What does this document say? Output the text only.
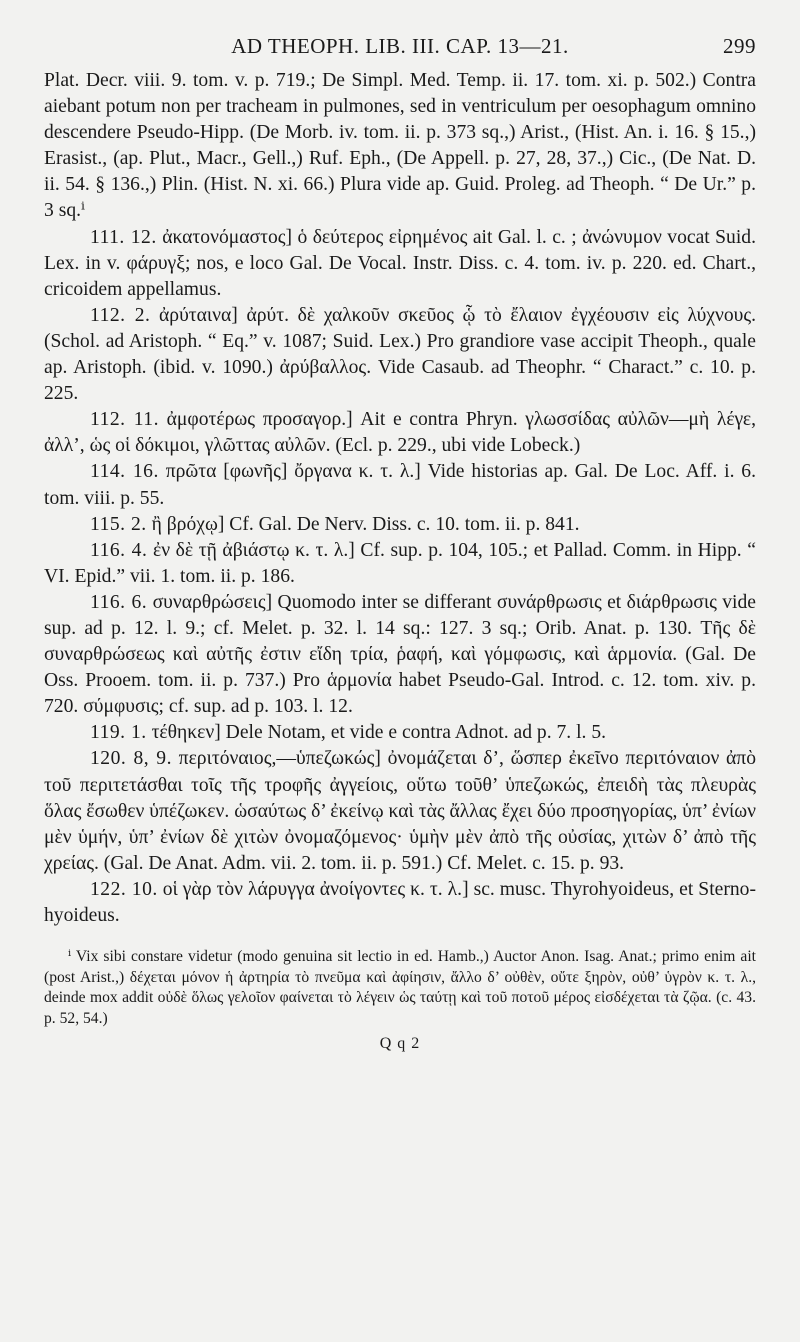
AD THEOPH. LIB. III. CAP. 13—21.	299

Plat. Decr. viii. 9. tom. v. p. 719.; De Simpl. Med. Temp. ii. 17. tom. xi. p. 502.) Contra aiebant potum non per tracheam in pulmones, sed in ventriculum per oesophagum omnino descendere Pseudo-Hipp. (De Morb. iv. tom. ii. p. 373 sq.,) Arist., (Hist. An. i. 16. § 15.,) Erasist., (ap. Plut., Macr., Gell.,) Ruf. Eph., (De Appell. p. 27, 28, 37.,) Cic., (De Nat. D. ii. 54. § 136.,) Plin. (Hist. N. xi. 66.) Plura vide ap. Guid. Proleg. ad Theoph. “ De Ur.” p. 3 sq.ⁱ

111. 12. ἀκατονόμαστος] ὁ δεύτερος εἰρημένος ait Gal. l. c. ; ἀνώνυμον vocat Suid. Lex. in v. φάρυγξ; nos, e loco Gal. De Vocal. Instr. Diss. c. 4. tom. iv. p. 220. ed. Chart., cricoidem appellamus.

112. 2. ἀρύταινα] ἀρύτ. δὲ χαλκοῦν σκεῦος ᾧ τὸ ἔλαιον ἐγχέουσιν εἰς λύχνους. (Schol. ad Aristoph. “ Eq.” v. 1087; Suid. Lex.) Pro grandiore vase accipit Theoph., quale ap. Aristoph. (ibid. v. 1090.) ἀρύβαλλος. Vide Casaub. ad Theophr. “ Charact.” c. 10. p. 225.

112. 11. ἀμφοτέρως προσαγορ.] Ait e contra Phryn. γλωσσίδας αὐλῶν—μὴ λέγε, ἀλλ’, ὡς οἱ δόκιμοι, γλῶττας αὐλῶν. (Ecl. p. 229., ubi vide Lobeck.)

114. 16. πρῶτα [φωνῆς] ὄργανα κ. τ. λ.] Vide historias ap. Gal. De Loc. Aff. i. 6. tom. viii. p. 55.

115. 2. ἢ βρόχῳ] Cf. Gal. De Nerv. Diss. c. 10. tom. ii. p. 841.

116. 4. ἐν δὲ τῇ ἀβιάστῳ κ. τ. λ.] Cf. sup. p. 104, 105.; et Pallad. Comm. in Hipp. “ VI. Epid.” vii. 1. tom. ii. p. 186.

116. 6. συναρθρώσεις] Quomodo inter se differant συνάρθρωσις et διάρθρωσις vide sup. ad p. 12. l. 9.; cf. Melet. p. 32. l. 14 sq.: 127. 3 sq.; Orib. Anat. p. 130. Τῆς δὲ συναρθρώσεως καὶ αὐτῆς ἐστιν εἴδη τρία, ῥαφή, καὶ γόμφωσις, καὶ ἁρμονία. (Gal. De Oss. Prooem. tom. ii. p. 737.) Pro ἁρμονία habet Pseudo-Gal. Introd. c. 12. tom. xiv. p. 720. σύμφυσις; cf. sup. ad p. 103. l. 12.

119. 1. τέθηκεν] Dele Notam, et vide e contra Adnot. ad p. 7. l. 5.

120. 8, 9. περιτόναιος,—ὑπεζωκώς] ὀνομάζεται δ’, ὥσπερ ἐκεῖνο περιτόναιον ἀπὸ τοῦ περιτετάσθαι τοῖς τῆς τροφῆς ἀγγείοις, οὕτω τοῦθ’ ὑπεζωκώς, ἐπειδὴ τὰς πλευρὰς ὅλας ἔσωθεν ὑπέζωκεν. ὡσαύτως δ’ ἐκείνῳ καὶ τὰς ἄλλας ἔχει δύο προσηγορίας, ὑπ’ ἐνίων μὲν ὑμήν, ὑπ’ ἐνίων δὲ χιτὼν ὀνομαζόμενος· ὑμὴν μὲν ἀπὸ τῆς οὐσίας, χιτὼν δ’ ἀπὸ τῆς χρείας. (Gal. De Anat. Adm. vii. 2. tom. ii. p. 591.) Cf. Melet. c. 15. p. 93.

122. 10. οἱ γὰρ τὸν λάρυγγα ἀνοίγοντες κ. τ. λ.] sc. musc. Thyrohyoideus, et Sterno-hyoideus.

ⁱ Vix sibi constare videtur (modo genuina sit lectio in ed. Hamb.,) Auctor Anon. Isag. Anat.; primo enim ait (post Arist.,) δέχεται μόνον ἡ ἀρτηρία τὸ πνεῦμα καὶ ἀφίησιν, ἄλλο δ’ οὐθὲν, οὔτε ξηρὸν, οὐθ’ ὑγρὸν κ. τ. λ., deinde mox addit οὐδὲ ὅλως γελοῖον φαίνεται τὸ λέγειν ὡς ταύτῃ καὶ τοῦ ποτοῦ μέρος εἰσδέχεται τὰ ζῷα. (c. 43. p. 52, 54.)

Q q 2
